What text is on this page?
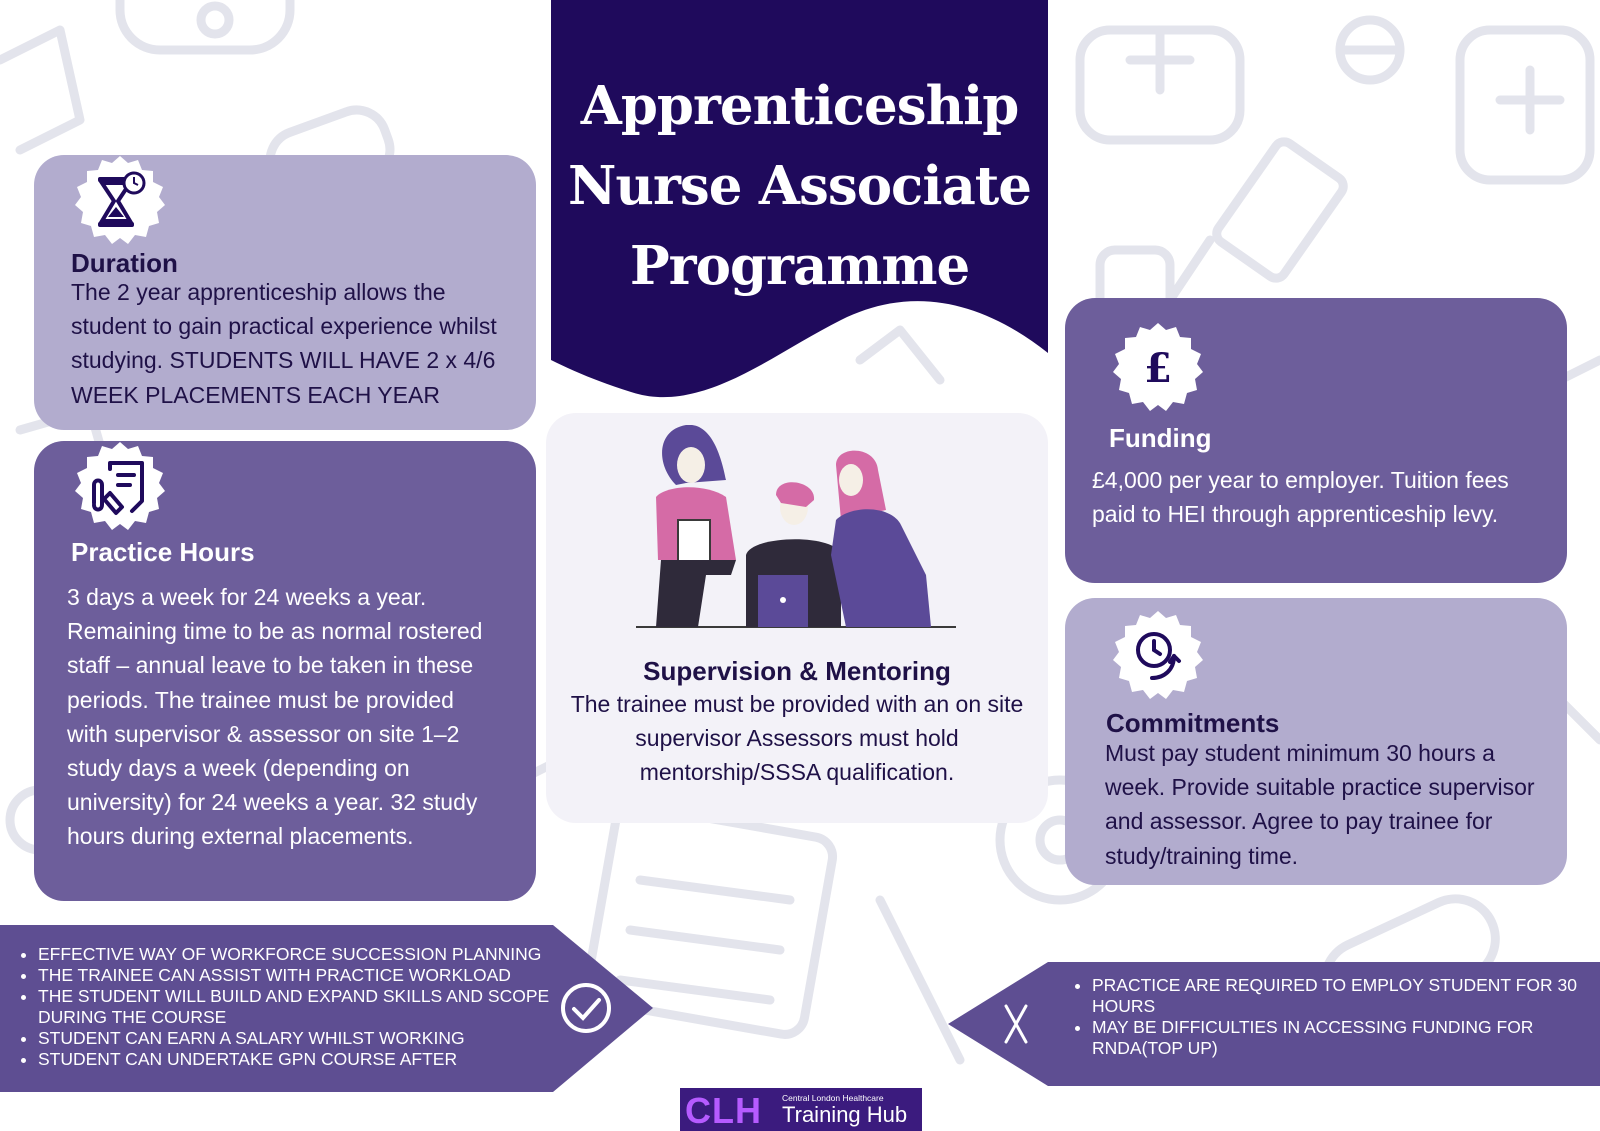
Apprenticeship
Nurse Associate
Programme
Duration
The 2 year apprenticeship allows the student to gain practical experience whilst studying. STUDENTS WILL HAVE 2 x 4/6 WEEK PLACEMENTS EACH YEAR
Practice Hours
3 days a week for 24 weeks a year. Remaining time to be as normal rostered staff – annual leave to be taken in these periods. The trainee must be provided with supervisor & assessor on site 1–2 study days a week (depending on university) for 24 weeks a year. 32 study hours during external placements.
Supervision & Mentoring
The trainee must be provided with an on site supervisor Assessors must hold mentorship/SSSA qualification.
£
Funding
£4,000 per year to employer. Tuition fees paid to HEI through apprenticeship levy.
Commitments
Must pay student minimum 30 hours a week. Provide suitable practice supervisor and assessor. Agree to pay trainee for study/training time.
• EFFECTIVE WAY OF WORKFORCE SUCCESSION PLANNING
• THE TRAINEE CAN ASSIST WITH PRACTICE WORKLOAD
• THE STUDENT WILL BUILD AND EXPAND SKILLS AND SCOPE DURING THE COURSE
• STUDENT CAN EARN A SALARY WHILST WORKING
• STUDENT CAN UNDERTAKE GPN COURSE AFTER
• PRACTICE ARE REQUIRED TO EMPLOY STUDENT FOR 30 HOURS
• MAY BE DIFFICULTIES IN ACCESSING FUNDING FOR RNDA(TOP UP)
CLH Central London Healthcare
Training Hub
